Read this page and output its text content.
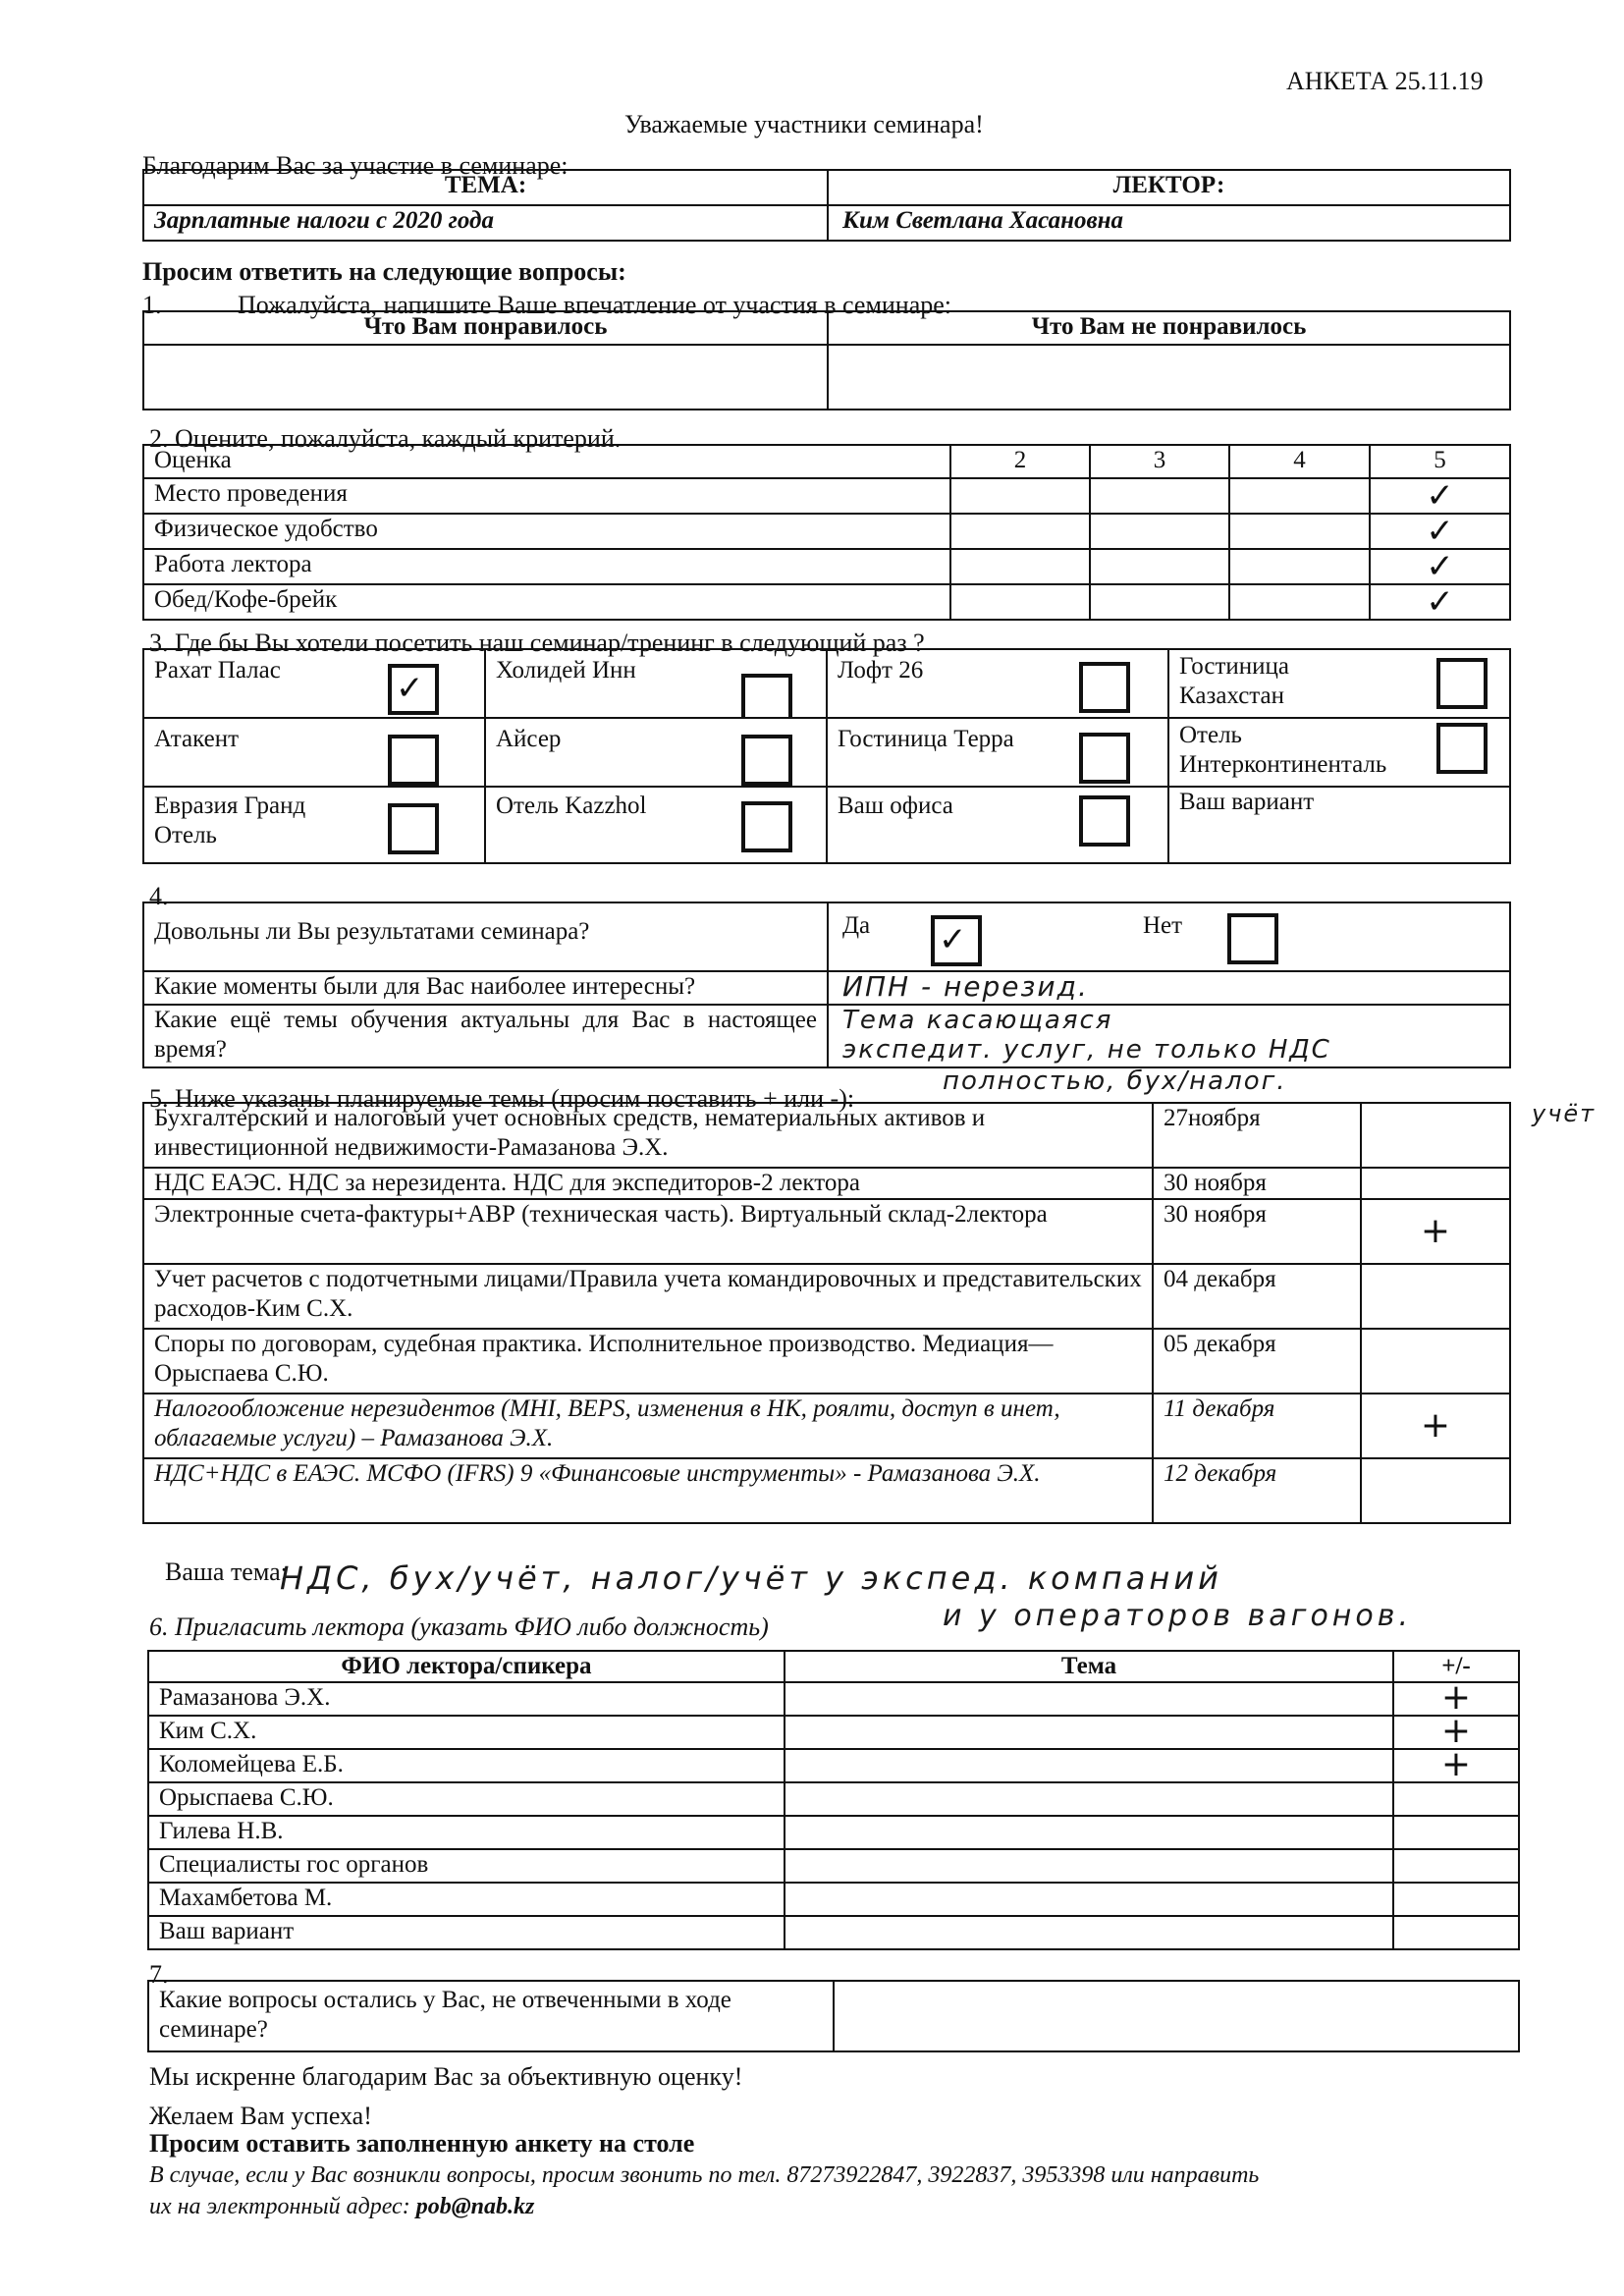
АНКЕТА 25.11.19
Уважаемые участники семинара!
Благодарим Вас за участие в семинаре:
ТЕМА:	ЛЕКТОР:
Зарплатные налоги с 2020 года	Ким Светлана Хасановна
Просим ответить на следующие вопросы:
1.	Пожалуйста, напишите Ваше впечатление от участия в семинаре:
Что Вам понравилось	Что Вам не понравилось

2. Оцените, пожалуйста, каждый критерий.
Оценка	2	3	4	5
Место проведения				✓
Физическое удобство				✓
Работа лектора				✓
Обед/Кофе-брейк				✓
3. Где бы Вы хотели посетить наш семинар/тренинг в следующий раз ?
Рахат Палас ✓	Холидей Инн	Лофт 26	Гостиница Казахстан

Атакент	Айсер	Гостиница Терра	Отель Интерконтиненталь

Евразия Гранд Отель	Отель Kazzhol	Ваш офиса	Ваш вариант
4.
Довольны ли Вы результатами семинара?	Да ✓ Нет

Какие моменты были для Вас наиболее интересны?	ИПН - нерезид.
Какие ещё темы обучения актуальны для Вас в настоящее время?	Тема касающаяся
экспедит. услуг, не только НДС
полностью, бух/налог.
учёт
5. Ниже указаны планируемые темы (просим поставить + или -):
Бухгалтерский и налоговый учет основных средств, нематериальных активов и инвестиционной недвижимости-Рамазанова Э.Х.	27ноября	
НДС ЕАЭС. НДС за нерезидента. НДС для экспедиторов-2 лектора	30 ноября	
Электронные счета-фактуры+АВР (техническая часть). Виртуальный склад-2лектора	30 ноября	+
Учет расчетов с подотчетными лицами/Правила учета командировочных и представительских расходов-Ким С.Х.	04 декабря	
Споры по договорам, судебная практика. Исполнительное производство. Медиация—Орыспаева С.Ю.	05 декабря	
Налогообложение нерезидентов (MHI, BEPS, изменения в НК, роялти, доступ в инет, облагаемые услуги) – Рамазанова Э.Х.	11 декабря	+
НДС+НДС в ЕАЭС. МСФО (IFRS) 9 «Финансовые инструменты» - Рамазанова Э.Х.	12 декабря	
Ваша тема:
НДС, бух/учёт, налог/учёт у экспед. компаний
и у операторов вагонов.
6. Пригласить лектора (указать ФИО либо должность)
ФИО лектора/спикера	Тема	+/-
Рамазанова Э.Х.		+
Ким С.Х.		+
Коломейцева Е.Б.		+
Орыспаева С.Ю.		
Гилева Н.В.		
Специалисты гос органов		
Махамбетова М.		
Ваш вариант		
7.
Какие вопросы остались у Вас, не отвеченными в ходе семинаре?	
Мы искренне благодарим Вас за объективную оценку!
Желаем Вам успеха!
Просим оставить заполненную анкету на столе
В случае, если у Вас возникли вопросы, просим звонить по тел. 87273922847, 3922837, 3953398 или направить
их на электронный адрес: pob@nab.kz
